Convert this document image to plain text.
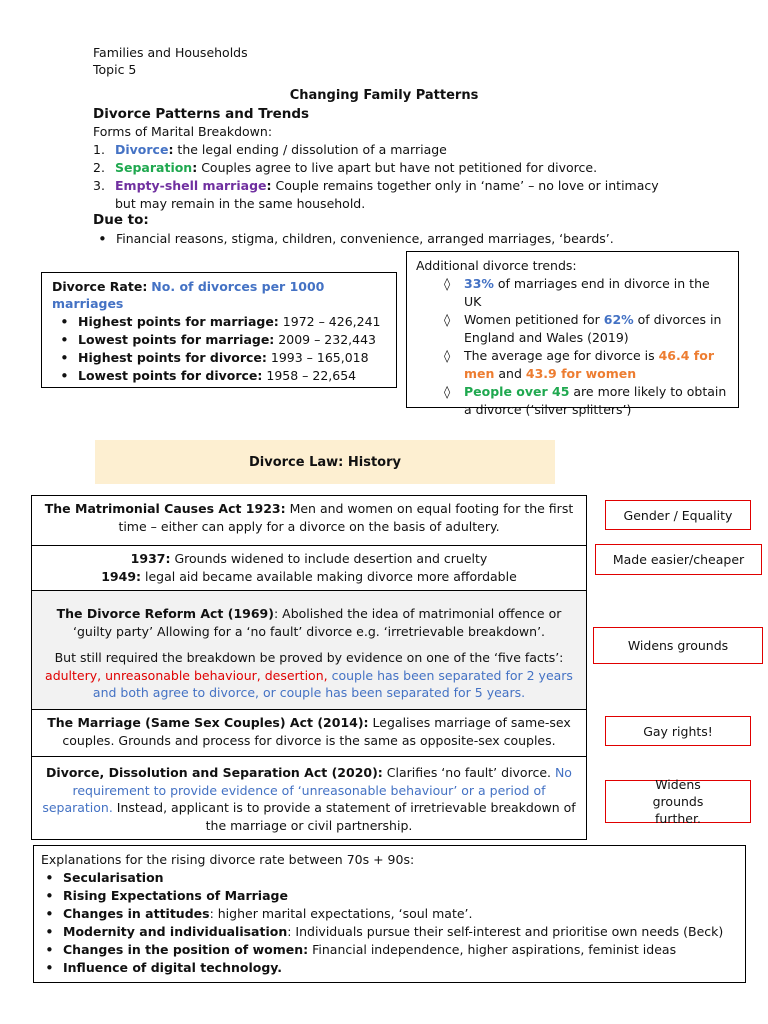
Families and Households
Topic 5
Changing Family Patterns
Divorce Patterns and Trends
Forms of Marital Breakdown:
1. Divorce: the legal ending / dissolution of a marriage
2. Separation: Couples agree to live apart but have not petitioned for divorce.
3. Empty-shell marriage: Couple remains together only in ‘name’ – no love or intimacy but may remain in the same household.
Due to:
• Financial reasons, stigma, children, convenience, arranged marriages, ‘beards’.
Divorce Rate: No. of divorces per 1000 marriages
• Highest points for marriage: 1972 – 426,241
• Lowest points for marriage: 2009 – 232,443
• Highest points for divorce: 1993 – 165,018
• Lowest points for divorce: 1958 – 22,654
Additional divorce trends:
◊ 33% of marriages end in divorce in the UK
◊ Women petitioned for 62% of divorces in England and Wales (2019)
◊ The average age for divorce is 46.4 for men and 43.9 for women
◊ People over 45 are more likely to obtain a divorce (‘silver splitters’)
Divorce Law: History
The Matrimonial Causes Act 1923: Men and women on equal footing for the first time – either can apply for a divorce on the basis of adultery.
1937: Grounds widened to include desertion and cruelty
1949: legal aid became available making divorce more affordable
The Divorce Reform Act (1969): Abolished the idea of matrimonial offence or ‘guilty party’ Allowing for a ‘no fault’ divorce e.g. ‘irretrievable breakdown’.
But still required the breakdown be proved by evidence on one of the ‘five facts’: adultery, unreasonable behaviour, desertion, couple has been separated for 2 years and both agree to divorce, or couple has been separated for 5 years.
The Marriage (Same Sex Couples) Act (2014): Legalises marriage of same-sex couples. Grounds and process for divorce is the same as opposite-sex couples.
Divorce, Dissolution and Separation Act (2020): Clarifies ‘no fault’ divorce. No requirement to provide evidence of ‘unreasonable behaviour’ or a period of separation. Instead, applicant is to provide a statement of irretrievable breakdown of the marriage or civil partnership.
Gender / Equality
Made easier/cheaper
Widens grounds
Gay rights!
Widens grounds further.
Explanations for the rising divorce rate between 70s + 90s:
• Secularisation
• Rising Expectations of Marriage
• Changes in attitudes: higher marital expectations, ‘soul mate’.
• Modernity and individualisation: Individuals pursue their self-interest and prioritise own needs (Beck)
• Changes in the position of women: Financial independence, higher aspirations, feminist ideas
• Influence of digital technology.
